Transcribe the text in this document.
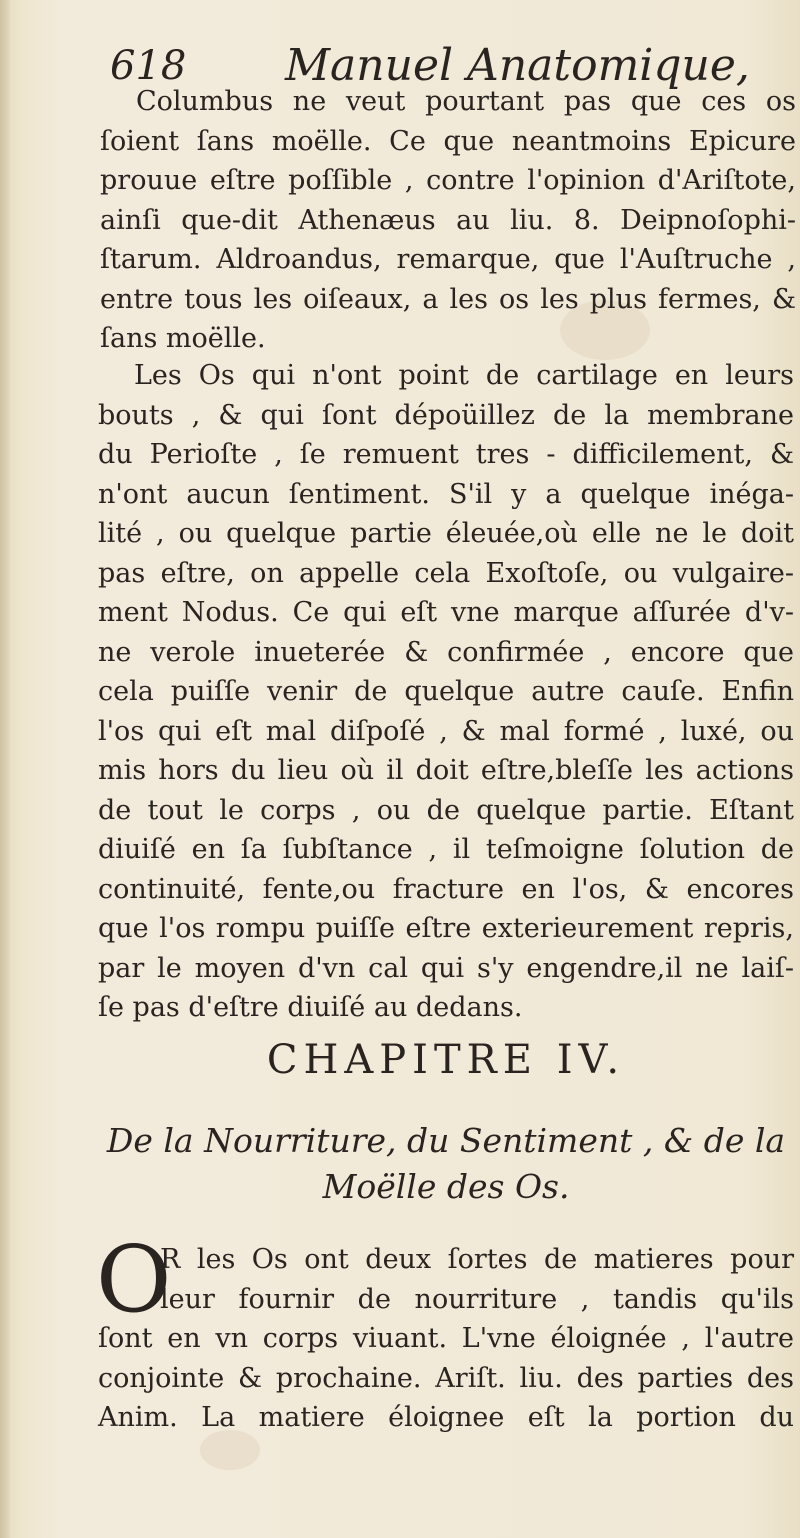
618 Manuel Anatomique,
Columbus ne veut pourtant pas que ces os
ſoient ſans moëlle. Ce que neantmoins Epicure
prouue eſtre poſſible , contre l'opinion d'Ariſtote,
ainſi que-dit Athenæus au liu. 8. Deipnoſophi-
ſtarum. Aldroandus, remarque, que l'Auſtruche ,
entre tous les oiſeaux, a les os les plus fermes, &
ſans moëlle.
Les Os qui n'ont point de cartilage en leurs
bouts , & qui ſont dépoüillez de la membrane
du Perioſte , ſe remuent tres - difficilement, &
n'ont aucun ſentiment. S'il y a quelque inéga-
lité , ou quelque partie éleuée,où elle ne le doit
pas eſtre, on appelle cela Exoſtoſe, ou vulgaire-
ment Nodus. Ce qui eſt vne marque aſſurée d'v-
ne verole inueterée & confirmée , encore que
cela puiſſe venir de quelque autre cauſe. Enfin
l'os qui eſt mal diſpoſé , & mal formé , luxé, ou
mis hors du lieu où il doit eſtre,bleſſe les actions
de tout le corps , ou de quelque partie. Eſtant
diuiſé en ſa ſubſtance , il teſmoigne ſolution de
continuité, fente,ou fracture en l'os, & encores
que l'os rompu puiſſe eſtre exterieurement repris,
par le moyen d'vn cal qui s'y engendre,il ne laiſ-
ſe pas d'eſtre diuiſé au dedans.
CHAPITRE IV.
De la Nourriture, du Sentiment , & de la
Moëlle des Os.
O
R les Os ont deux ſortes de matieres pour
leur fournir de nourriture , tandis qu'ils
ſont en vn corps viuant. L'vne éloignée , l'autre
conjointe & prochaine. Ariſt. liu. des parties des
Anim. La matiere éloignee eſt la portion du
